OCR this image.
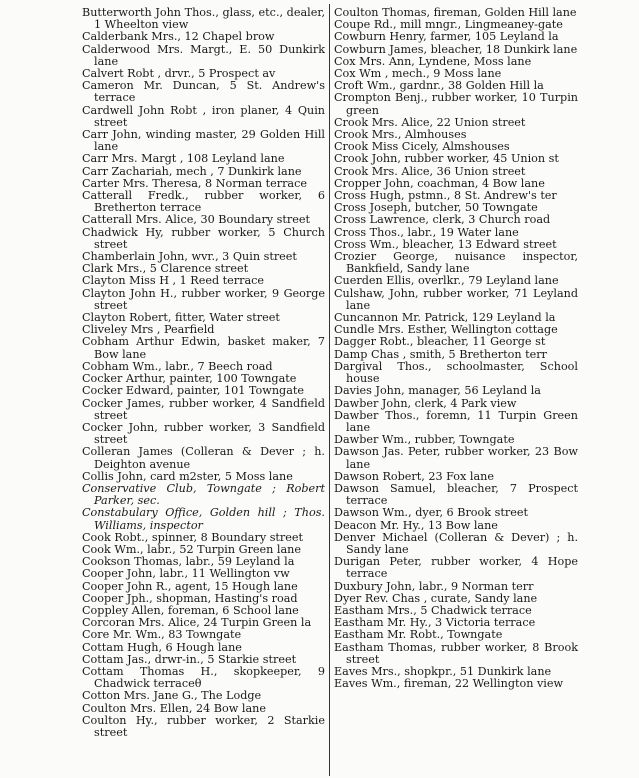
Butterworth John Thos., glass, etc., dealer, 1 Wheelton view
Calderbank Mrs., 12 Chapel brow
Calderwood Mrs. Margt., E. 50 Dunkirk lane
Calvert Robt , drvr., 5 Prospect av
Cameron Mr. Duncan, 5 St. Andrew's terrace
Cardwell John Robt , iron planer, 4 Quin street
Carr John, winding master, 29 Golden Hill lane
Carr Mrs. Margt , 108 Leyland lane
Carr Zachariah, mech , 7 Dunkirk lane
Carter Mrs. Theresa, 8 Norman terrace
Catterall Fredk., rubber worker, 6 Bretherton terrace
Catterall Mrs. Alice, 30 Boundary street
Chadwick Hy, rubber worker, 5 Church street
Chamberlain John, wvr., 3 Quin street
Clark Mrs., 5 Clarence street
Clayton Miss H , 1 Reed terrace
Clayton John H., rubber worker, 9 George street
Clayton Robert, fitter, Water street
Cliveley Mrs , Pearfield
Cobham Arthur Edwin, basket maker, 7 Bow lane
Cobham Wm., labr., 7 Beech road
Cocker Arthur, painter, 100 Towngate
Cocker Edward, painter, 101 Towngate
Cocker James, rubber worker, 4 Sandfield street
Cocker John, rubber worker, 3 Sandfield street
Colleran James (Colleran & Dever ; h. Deighton avenue
Collis John, card m2ster, 5 Moss lane
Conservative Club, Towngate ; Robert Parker, sec.
Constabulary Office, Golden hill ; Thos. Williams, inspector
Cook Robt., spinner, 8 Boundary street
Cook Wm., labr., 52 Turpin Green lane
Cookson Thomas, labr., 59 Leyland la
Cooper John, labr., 11 Wellington vw
Cooper John R., agent, 15 Hough lane
Cooper Jph., shopman, Hasting's road
Coppley Allen, foreman, 6 School lane
Corcoran Mrs. Alice, 24 Turpin Green la
Core Mr. Wm., 83 Towngate
Cottam Hugh, 6 Hough lane
Cottam Jas., drwr-in., 5 Starkie street
Cottam Thomas H., skopkeeper, 9 Chadwick terraceθ
Cotton Mrs. Jane G., The Lodge
Coulton Mrs. Ellen, 24 Bow lane
Coulton Hy., rubber worker, 2 Starkie street
Coulton Thomas, fireman, Golden Hill lane
Coupe Rd., mill mngr., Lingmeaney-gate
Cowburn Henry, farmer, 105 Leyland la
Cowburn James, bleacher, 18 Dunkirk lane
Cox Mrs. Ann, Lyndene, Moss lane
Cox Wm , mech., 9 Moss lane
Croft Wm., gardnr., 38 Golden Hill la
Crompton Benj., rubber worker, 10 Turpin green
Crook Mrs. Alice, 22 Union street
Crook Mrs., Almhouses
Crook Miss Cicely, Almshouses
Crook John, rubber worker, 45 Union st
Crook Mrs. Alice, 36 Union street
Cropper John, coachman, 4 Bow lane
Cross Hugh, pstmn., 8 St. Andrew's ter
Cross Joseph, butcher, 50 Towngate
Cross Lawrence, clerk, 3 Church road
Cross Thos., labr., 19 Water lane
Cross Wm., bleacher, 13 Edward street
Crozier George, nuisance inspector, Bankfield, Sandy lane
Cuerden Ellis, overlkr., 79 Leyland lane
Culshaw, John, rubber worker, 71 Leyland lane
Cuncannon Mr. Patrick, 129 Leyland la
Cundle Mrs. Esther, Wellington cottage
Dagger Robt., bleacher, 11 George st
Damp Chas , smith, 5 Bretherton terr
Dargival Thos., schoolmaster, School house
Davies John, manager, 56 Leyland la
Dawber John, clerk, 4 Park view
Dawber Thos., foremn, 11 Turpin Green lane
Dawber Wm., rubber, Towngate
Dawson Jas. Peter, rubber worker, 23 Bow lane
Dawson Robert, 23 Fox lane
Dawson Samuel, bleacher, 7 Prospect terrace
Dawson Wm., dyer, 6 Brook street
Deacon Mr. Hy., 13 Bow lane
Denver Michael (Colleran & Dever) ; h. Sandy lane
Durigan Peter, rubber worker, 4 Hope terrace
Duxbury John, labr., 9 Norman terr
Dyer Rev. Chas , curate, Sandy lane
Eastham Mrs., 5 Chadwick terrace
Eastham Mr. Hy., 3 Victoria terrace
Eastham Mr. Robt., Towngate
Eastham Thomas, rubber worker, 8 Brook street
Eaves Mrs., shopkpr., 51 Dunkirk lane
Eaves Wm., fireman, 22 Wellington view
